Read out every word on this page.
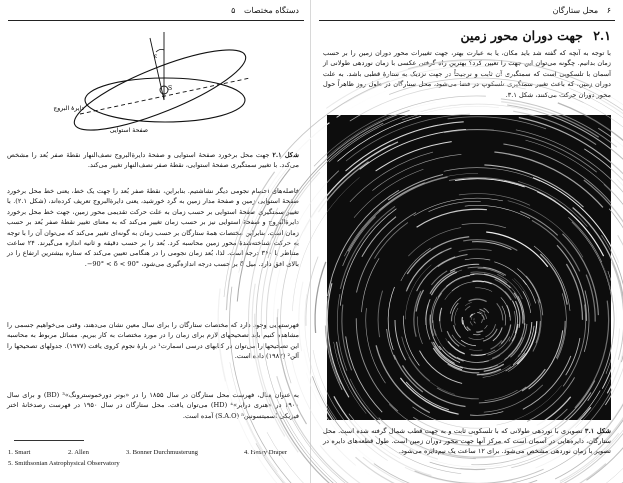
دستگاه مختصات ۵
ε
S
دایرهٔ البروج
صفحهٔ استوایی

شکل ۲.۱ جهت محل برخورد صفحهٔ استوایی و صفحهٔ دایرةالبروج نصف‌النهار نقطهٔ صفر بُعد را مشخص می‌کند. با تغییر سمتگیری صفحهٔ استوایی، نقطهٔ صفر نصف‌النهار تغییر می‌کند.

فاصله‌های اجسام نجومی دیگر نشاشتیم. بنابراین، نقطهٔ صفر بُعد را جهت یک خط، یعنی خط محل برخورد صفحهٔ استوایی زمین و صفحهٔ مدار زمین به گرد خورشید، یعنی دایرةالبروج تعریف کرده‌اند، (شکل ۲.۱). با تغییر سمتگیری صفحهٔ استوایی بر حسب زمان به علت حرکت تقدیمی محور زمین، جهت خط محل برخورد دایرةالبروج و صفحهٔ استوایی نیز بر حسب زمان تغییر می‌کند که به معنای تغییر نقطهٔ صفر بُعد بر حسب زمان است. بنابراین مختصات همهٔ ستارگان بر حسب زمان به گونه‌ای تغییر می‌کند که می‌توان آن را با توجه به حرکت شناخته‌شدهٔ محور زمین محاسبه کرد. بُعد را بر حسب دقیقه و ثانیه اندازه می‌گیرند. ۲۴ ساعت متناظر با ۳۶۰ درجه است. لذا، بُعد زمان نجومی را در هنگامی تعیین می‌کند که ستاره بیشترین ارتفاع را در بالای افق دارد. میل δ بر حسب درجه اندازه‌گیری می‌شود، ‎−90° < δ < 90°‎.

فهرستهایی وجود دارد که مختصات ستارگان را برای سال معین نشان می‌دهند، وقتی می‌خواهیم جسمی را مشاهده کنیم باید تصحیحهای لازم برای زمان را در مورد مختصات به کار ببریم. مسائل مربوط به محاسبه این تصحیحها را می‌توان در کتابهای درسی اسمارت¹ در بارهٔ نجوم کروی یافت (۱۹۷۷). جدولهای تصحیحها را آلن² (۱۹۸۲) داده است.

به عنوان مثال، فهرست محل ستارگان در سال ۱۸۵۵ را در «بونر دورخموسترونگ»³ (BD) و برای سال ۱۹۰۰ در «هنری درایر»⁴ (HD) می‌توان یافت. محل ستارگان در سال ۱۹۵۰ در فهرست رصدخانهٔ اختر فیزیکی اسمیتسونین⁵ (S.A.O) آمده است.

1. Smart	2. Allen	3. Bonner Durchmusterung	4. Henry Draper
5. Smithsonian Astrophysical Observatory
۶ محل ستارگان
۲.۱ جهت دوران محور زمین

با توجه به آنچه که گفته شد باید مکان، یا به عبارت بهتر، جهت تغییرات محور دوران زمین را بر حسب زمان بدانیم. چگونه می‌توان این جهت را تعیین کرد؟ بهترین راه گرفتن عکسی با زمان نوردهی طولانی از آسمان با تلسکوپی است که سمتگیری آن ثابت و ترجیحاً در جهت نزدیک به ستارهٔ قطبی باشد. به علت دوران زمین، که باعث تغییر سمتگیری تلسکوپ در فضا می‌شود، محل ستارگان در طول روز ظاهراً حول محور دوران حرکت می‌کنند، شکل ۳.۱.

شکل ۳.۱ تصویری با نوردهی طولانی که با تلسکوپی ثابت و به جهت قطب شمال گرفته شده است. محل ستارگان، دایره‌هایی در آسمان است که مرکز آنها جهت محور دوران زمین است. طول قطعه‌های دایره در تصویر با زمان نوردهی مشخص می‌شود. برای ۱۲ ساعت یک نیم‌دایره می‌شود.
